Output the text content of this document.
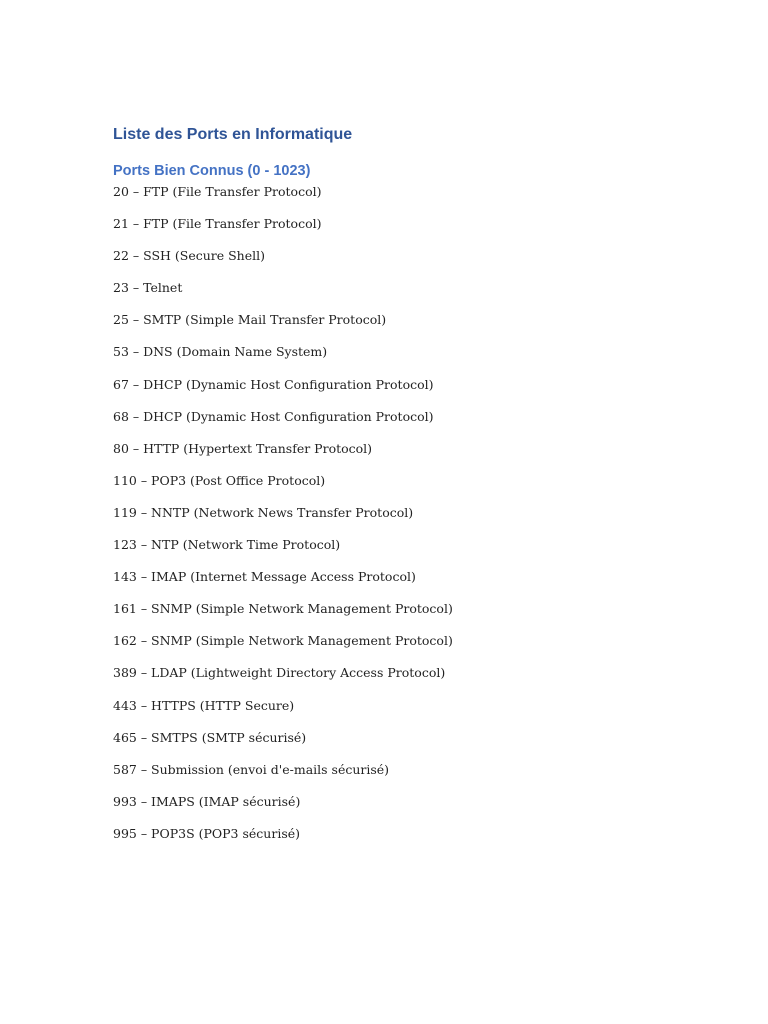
Liste des Ports en Informatique
Ports Bien Connus (0 - 1023)
20 – FTP (File Transfer Protocol)
21 – FTP (File Transfer Protocol)
22 – SSH (Secure Shell)
23 – Telnet
25 – SMTP (Simple Mail Transfer Protocol)
53 – DNS (Domain Name System)
67 – DHCP (Dynamic Host Configuration Protocol)
68 – DHCP (Dynamic Host Configuration Protocol)
80 – HTTP (Hypertext Transfer Protocol)
110 – POP3 (Post Office Protocol)
119 – NNTP (Network News Transfer Protocol)
123 – NTP (Network Time Protocol)
143 – IMAP (Internet Message Access Protocol)
161 – SNMP (Simple Network Management Protocol)
162 – SNMP (Simple Network Management Protocol)
389 – LDAP (Lightweight Directory Access Protocol)
443 – HTTPS (HTTP Secure)
465 – SMTPS (SMTP sécurisé)
587 – Submission (envoi d'e-mails sécurisé)
993 – IMAPS (IMAP sécurisé)
995 – POP3S (POP3 sécurisé)
